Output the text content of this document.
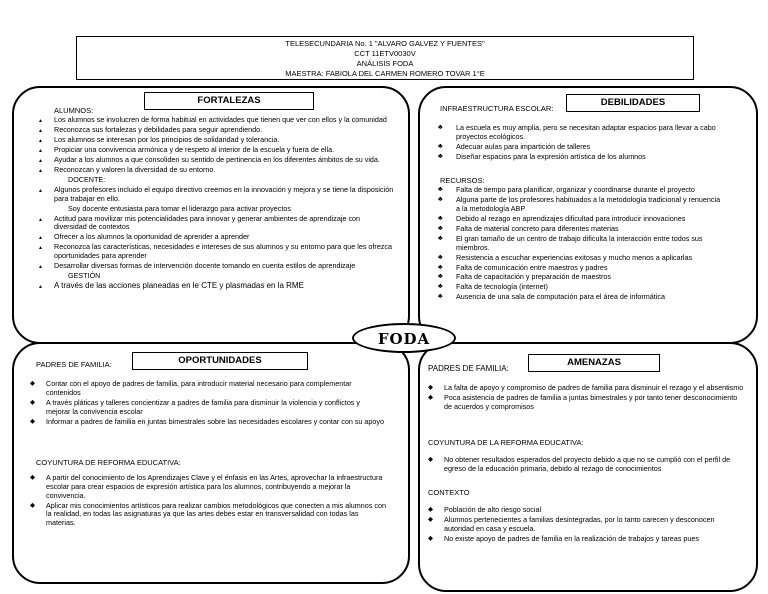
TELESECUNDARIA No. 1 "ALVARO GALVEZ Y FUENTES"
CCT 11ETV0030V
ANÁLISIS FODA
MAESTRA: FABIOLA DEL CARMEN ROMERO TOVAR 1°E
FORTALEZAS
ALUMNOS:
▲ Los alumnos se involucren de forma habitual en actividades que tienen que ver con ellos y la comunidad
▲ Reconozca sus fortalezas y debilidades para seguir aprendiendo.
▲ Los alumnos se interesan por los principios de solidaridad y tolerancia.
▲ Propiciar una convivencia armónica y de respeto al interior de la escuela y fuera de ella.
▲ Ayudar a los alumnos a que consoliden su sentido de pertinencia en los diferentes ámbitos de su vida.
▲ Reconozcan y valoren la diversidad de su entorno.
DOCENTE:
▲ Algunos profesores incluido el equipo directivo creemos en la innovación y mejora y se tiene la disposición para trabajar en ello.
Soy docente entusiasta para tomar el liderazgo para activar proyectos
▲ Actitud para movilizar mis potencialidades para innovar y generar ambientes de aprendizaje con diversidad de contextos
▲ Ofrecer a los alumnos la oportunidad de aprender a aprender
▲ Reconozca las características, necesidades e intereses de sus alumnos y su entorno para que les ofrezca oportunidades para aprender
▲ Desarrollar diversas formas de intervención docente tomando en cuenta estilos de aprendizaje
GESTIÓN
▲ A través de las acciones planeadas en le CTE y plasmadas en la RME
DEBILIDADES
INFRAESTRUCTURA ESCOLAR:
♣ La escuela es muy amplia, pero se necesitan adaptar espacios para llevar a cabo proyectos ecológicos.
♣ Adecuar aulas para impartición de talleres
♣ Diseñar espacios para la expresión artística de los alumnos
RECURSOS:
♣ Falta de tiempo para planificar, organizar y coordinarse durante el proyecto
♣ Alguna parte de los profesores habituados a la metodología tradicional y renuencia a la metodología ABP
♣ Debido al rezago en aprendizajes dificultad para introducir innovaciones
♣ Falta de material concreto para diferentes materias
♣ El gran tamaño de un centro de trabajo dificulta la interacción entre todos sus miembros.
♣ Resistencia a escuchar experiencias exitosas y mucho menos a aplicarlas
♣ Falta de comunicación entre maestros y padres
♣ Falta de capacitación y preparación de maestros
♣ Falta de tecnología (internet)
♣ Ausencia de una sala de computación para el área de informática
OPORTUNIDADES
PADRES DE FAMILIA:
◆ Contar con el apoyo de padres de familia, para introducir material necesario para complementar contenidos
◆ A través pláticas y talleres concientizar a padres de familia para disminuir la violencia y conflictos y mejorar la convivencia escolar
◆ Informar a padres de familia en juntas bimestrales sobre las necesidades escolares y contar con su apoyo
COYUNTURA DE REFORMA EDUCATIVA:
◆ A partir del conocimiento de los Aprendizajes Clave y el énfasis en las Artes, aprovechar la infraestructura escolar para crear espacios de expresión artística para los alumnos, contribuyendo a mejorar la convivencia.
◆ Aplicar mis conocimientos artísticos para realizar cambios metodológicos que conecten a mis alumnos con la realidad, en todas las asignaturas ya que las artes debes estar en transversalidad con todas las materias.
AMENAZAS
PADRES DE FAMILIA:
◆ La falta de apoyo y compromiso de padres de familia para disminuir el rezago y el absentismo
◆ Poca asistencia de padres de familia a juntas bimestrales y por tanto tener desconocimiento de acuerdos y compromisos
COYUNTURA DE LA REFORMA EDUCATIVA:
◆ No obtener resultados esperados del proyecto debido a que no se cumplió con el perfil de egreso de la educación primaria, debido al rezago de conocimientos
CONTEXTO
◆ Población de alto riesgo social
◆ Alumnos pertenecientes a familias desintegradas, por lo tanto carecen y desconocen autoridad en casa y escuela.
◆ No existe apoyo de padres de familia en la realización de trabajos y tareas pues
FODA
